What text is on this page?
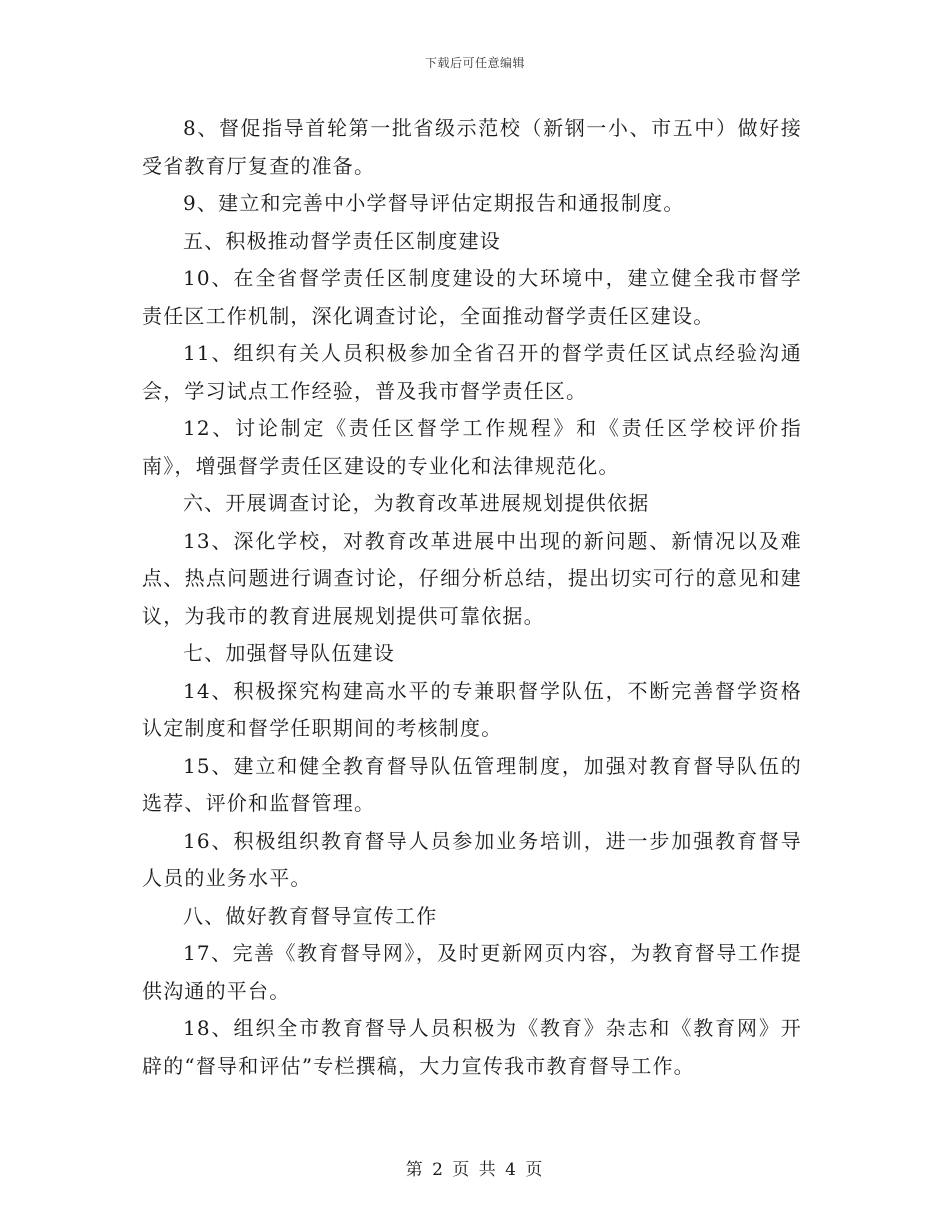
下载后可任意编辑

8、督促指导首轮第一批省级示范校（新钢一小、市五中）做好接受省教育厅复查的准备。

9、建立和完善中小学督导评估定期报告和通报制度。

五、积极推动督学责任区制度建设

10、在全省督学责任区制度建设的大环境中，建立健全我市督学责任区工作机制，深化调查讨论，全面推动督学责任区建设。

11、组织有关人员积极参加全省召开的督学责任区试点经验沟通会，学习试点工作经验，普及我市督学责任区。

12、讨论制定《责任区督学工作规程》和《责任区学校评价指南》，增强督学责任区建设的专业化和法律规范化。

六、开展调查讨论，为教育改革进展规划提供依据

13、深化学校，对教育改革进展中出现的新问题、新情况以及难点、热点问题进行调查讨论，仔细分析总结，提出切实可行的意见和建议，为我市的教育进展规划提供可靠依据。

七、加强督导队伍建设

14、积极探究构建高水平的专兼职督学队伍，不断完善督学资格认定制度和督学任职期间的考核制度。

15、建立和健全教育督导队伍管理制度，加强对教育督导队伍的选荐、评价和监督管理。

16、积极组织教育督导人员参加业务培训，进一步加强教育督导人员的业务水平。

八、做好教育督导宣传工作

17、完善《教育督导网》，及时更新网页内容，为教育督导工作提供沟通的平台。

18、组织全市教育督导人员积极为《教育》杂志和《教育网》开辟的“督导和评估”专栏撰稿，大力宣传我市教育督导工作。

第 2 页 共 4 页
